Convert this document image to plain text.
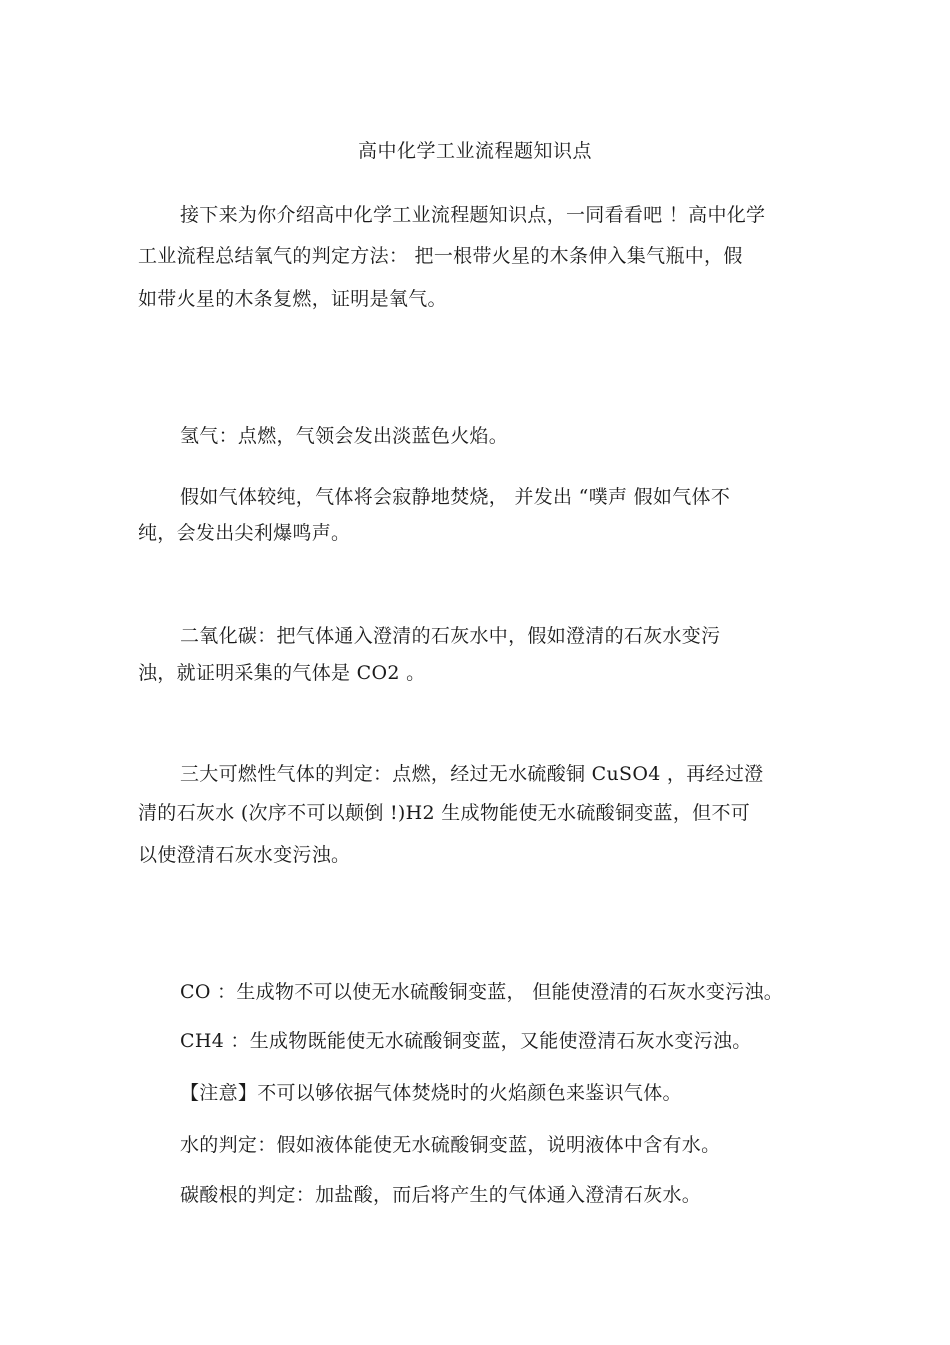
高中化学工业流程题知识点
接下来为你介绍高中化学工业流程题知识点，一同看看吧 ！高中化学
工业流程总结氧气的判定方法： 把一根带火星的木条伸入集气瓶中，假
如带火星的木条复燃，证明是氧气。
氢气：点燃，气领会发出淡蓝色火焰。
假如气体较纯，气体将会寂静地焚烧， 并发出 “噗声 假如气体不
纯，会发出尖利爆鸣声。
二氧化碳：把气体通入澄清的石灰水中，假如澄清的石灰水变污
浊，就证明采集的气体是 CO2 。
三大可燃性气体的判定：点燃，经过无水硫酸铜 CuSO4 ，再经过澄
清的石灰水 (次序不可以颠倒 !)H2 生成物能使无水硫酸铜变蓝，但不可
以使澄清石灰水变污浊。
CO ：生成物不可以使无水硫酸铜变蓝， 但能使澄清的石灰水变污浊。
CH4 ：生成物既能使无水硫酸铜变蓝，又能使澄清石灰水变污浊。
【注意】不可以够依据气体焚烧时的火焰颜色来鉴识气体。
水的判定：假如液体能使无水硫酸铜变蓝，说明液体中含有水。
碳酸根的判定：加盐酸，而后将产生的气体通入澄清石灰水。
